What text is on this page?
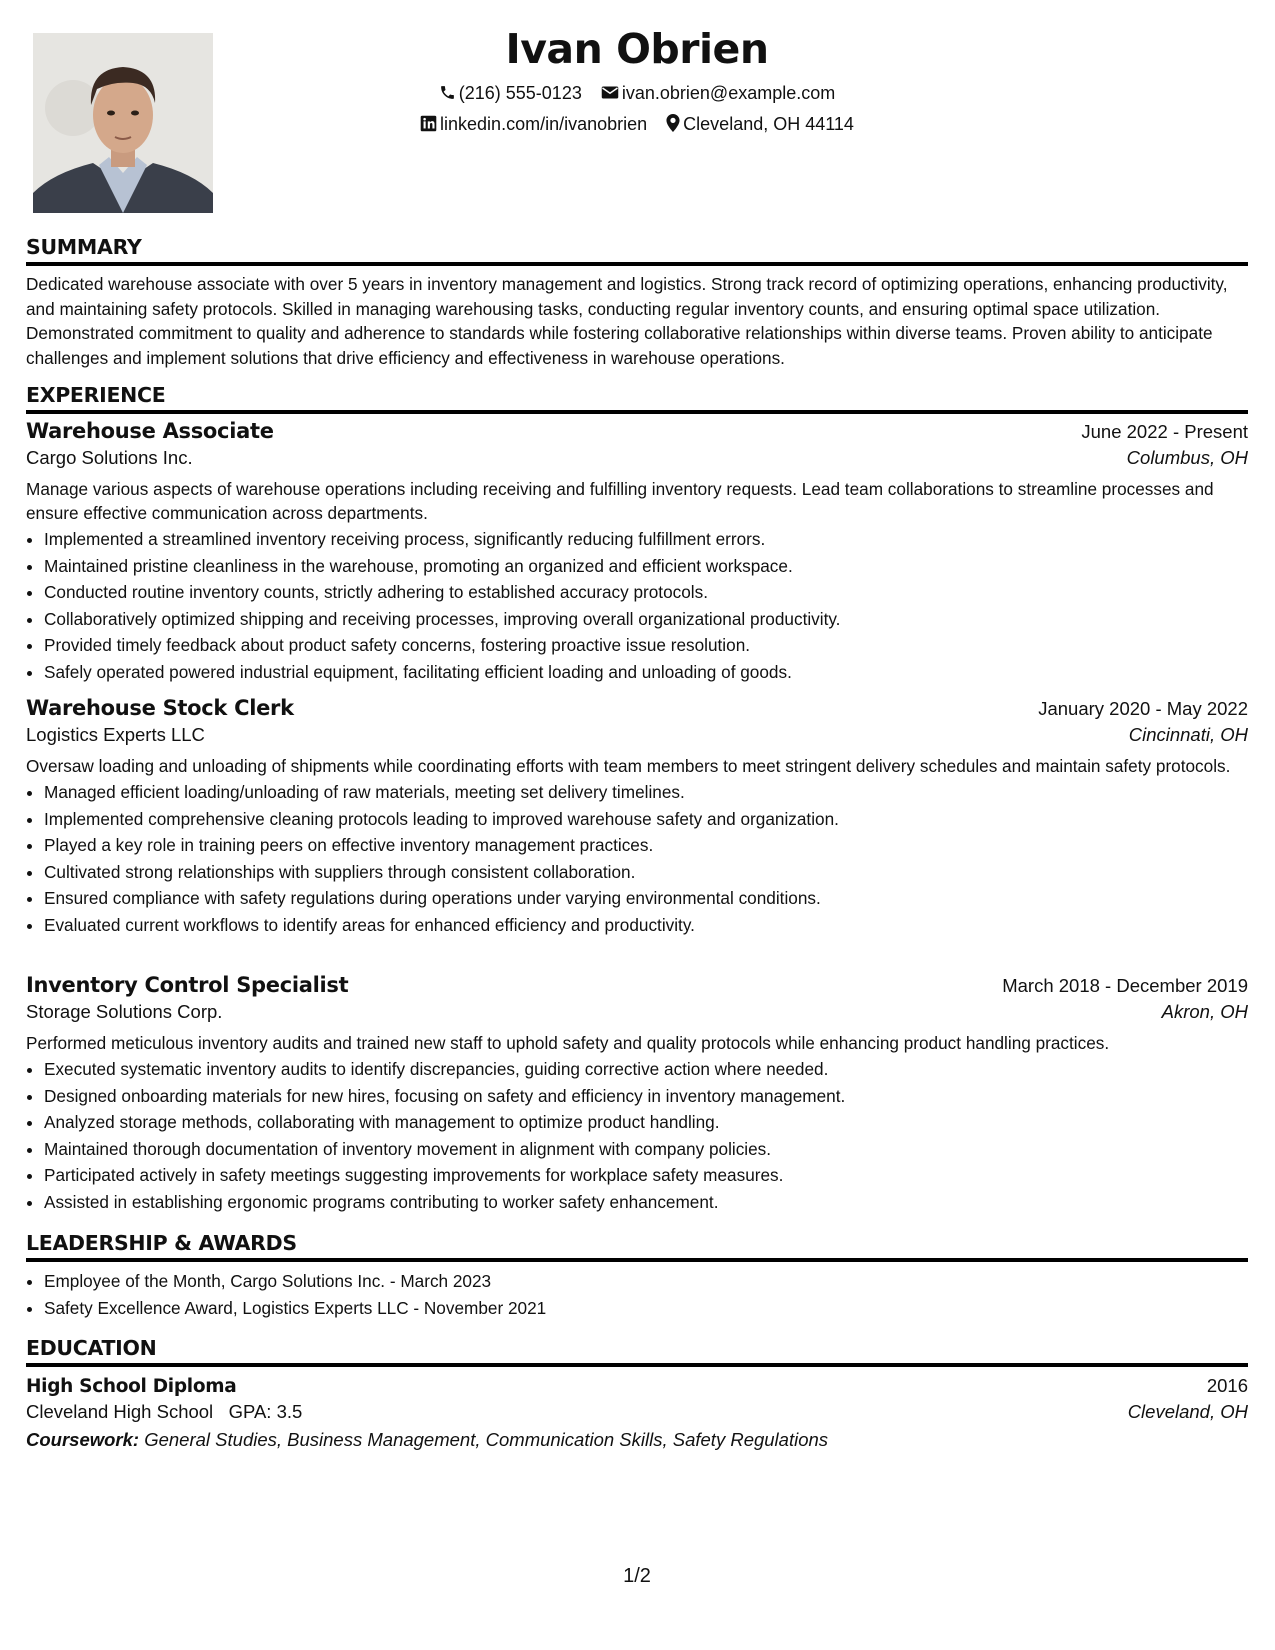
Ivan Obrien
(216) 555-0123 ivan.obrien@example.com
linkedin.com/in/ivanobrien Cleveland, OH 44114
SUMMARY
Dedicated warehouse associate with over 5 years in inventory management and logistics. Strong track record of optimizing operations, enhancing productivity, and maintaining safety protocols. Skilled in managing warehousing tasks, conducting regular inventory counts, and ensuring optimal space utilization. Demonstrated commitment to quality and adherence to standards while fostering collaborative relationships within diverse teams. Proven ability to anticipate challenges and implement solutions that drive efficiency and effectiveness in warehouse operations.
EXPERIENCE
Warehouse Associate	June 2022 - Present
Cargo Solutions Inc.	Columbus, OH
Manage various aspects of warehouse operations including receiving and fulfilling inventory requests. Lead team collaborations to streamline processes and ensure effective communication across departments.
• Implemented a streamlined inventory receiving process, significantly reducing fulfillment errors.
• Maintained pristine cleanliness in the warehouse, promoting an organized and efficient workspace.
• Conducted routine inventory counts, strictly adhering to established accuracy protocols.
• Collaboratively optimized shipping and receiving processes, improving overall organizational productivity.
• Provided timely feedback about product safety concerns, fostering proactive issue resolution.
• Safely operated powered industrial equipment, facilitating efficient loading and unloading of goods.
Warehouse Stock Clerk	January 2020 - May 2022
Logistics Experts LLC	Cincinnati, OH
Oversaw loading and unloading of shipments while coordinating efforts with team members to meet stringent delivery schedules and maintain safety protocols.
• Managed efficient loading/unloading of raw materials, meeting set delivery timelines.
• Implemented comprehensive cleaning protocols leading to improved warehouse safety and organization.
• Played a key role in training peers on effective inventory management practices.
• Cultivated strong relationships with suppliers through consistent collaboration.
• Ensured compliance with safety regulations during operations under varying environmental conditions.
• Evaluated current workflows to identify areas for enhanced efficiency and productivity.
Inventory Control Specialist	March 2018 - December 2019
Storage Solutions Corp.	Akron, OH
Performed meticulous inventory audits and trained new staff to uphold safety and quality protocols while enhancing product handling practices.
• Executed systematic inventory audits to identify discrepancies, guiding corrective action where needed.
• Designed onboarding materials for new hires, focusing on safety and efficiency in inventory management.
• Analyzed storage methods, collaborating with management to optimize product handling.
• Maintained thorough documentation of inventory movement in alignment with company policies.
• Participated actively in safety meetings suggesting improvements for workplace safety measures.
• Assisted in establishing ergonomic programs contributing to worker safety enhancement.
LEADERSHIP & AWARDS
• Employee of the Month, Cargo Solutions Inc. - March 2023
• Safety Excellence Award, Logistics Experts LLC - November 2021
EDUCATION
High School Diploma	2016
Cleveland High School GPA: 3.5	Cleveland, OH
Coursework: General Studies, Business Management, Communication Skills, Safety Regulations
1/2
